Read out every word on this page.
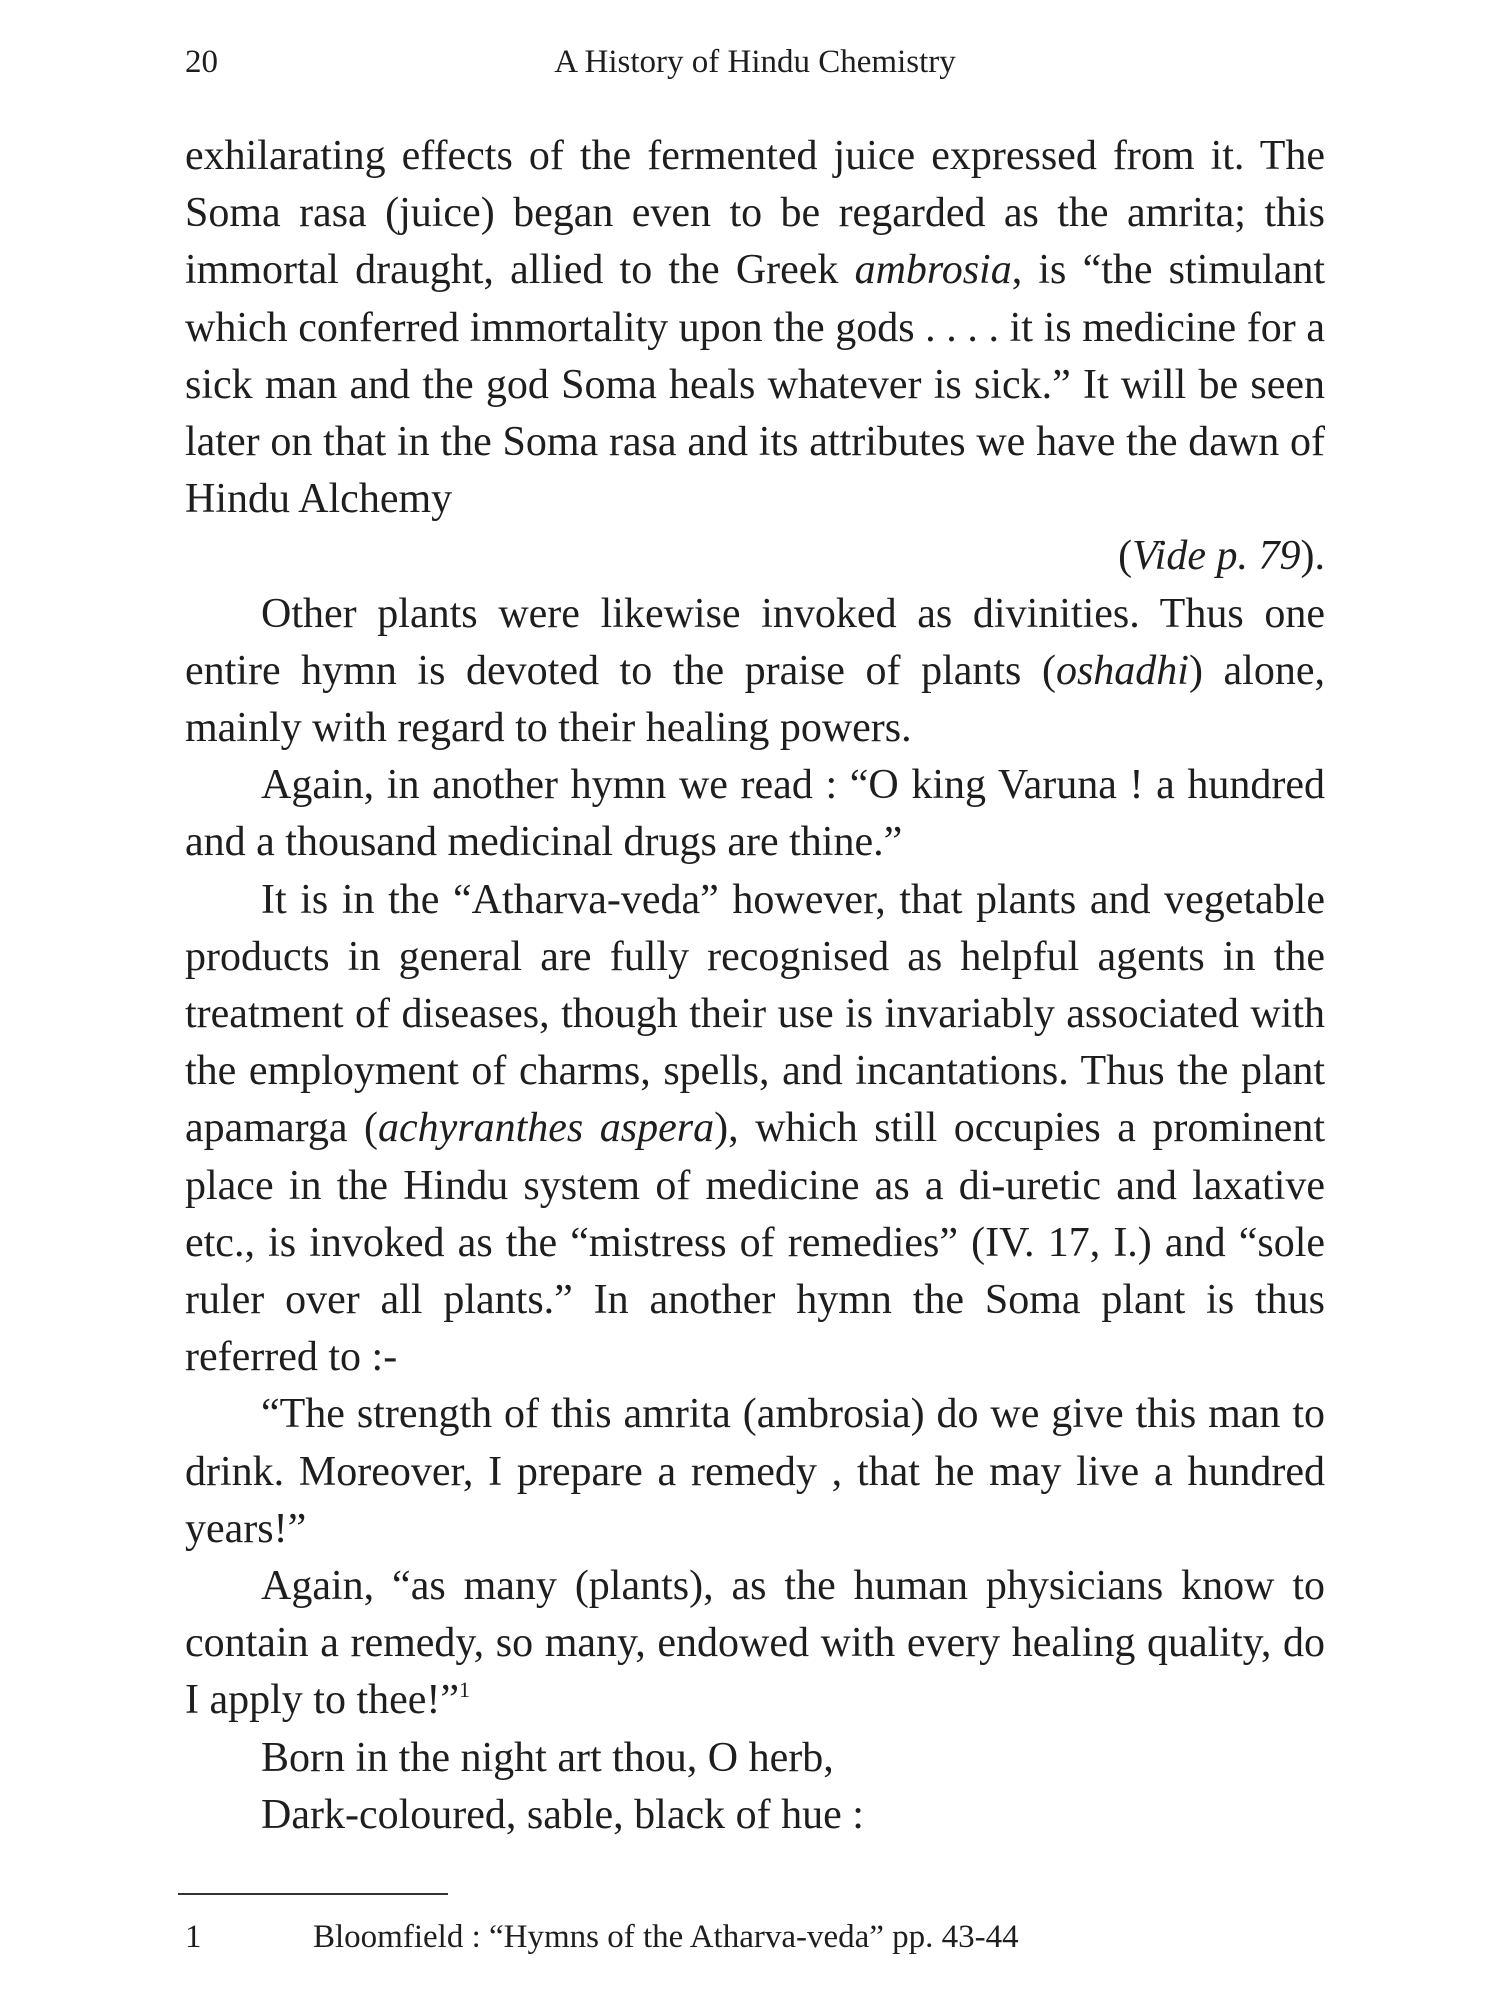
20	A History of Hindu Chemistry

exhilarating effects of the fermented juice expressed from it. The Soma rasa (juice) began even to be regarded as the amrita; this immortal draught, allied to the Greek ambrosia, is “the stimulant which conferred immortality upon the gods . . . . it is medicine for a sick man and the god Soma heals whatever is sick.” It will be seen later on that in the Soma rasa and its attributes we have the dawn of Hindu Alchemy

(Vide p. 79).

Other plants were likewise invoked as divinities. Thus one entire hymn is devoted to the praise of plants (oshadhi) alone, mainly with regard to their healing powers.

Again, in another hymn we read : “O king Varuna ! a hundred and a thousand medicinal drugs are thine.”

It is in the “Atharva-veda” however, that plants and vegetable products in general are fully recognised as helpful agents in the treatment of diseases, though their use is invariably associated with the employment of charms, spells, and incantations. Thus the plant apamarga (achyranthes aspera), which still occupies a prominent place in the Hindu system of medicine as a di-uretic and laxative etc., is invoked as the “mistress of remedies” (IV. 17, I.) and “sole ruler over all plants.” In another hymn the Soma plant is thus referred to :-

“The strength of this amrita (ambrosia) do we give this man to drink. Moreover, I prepare a remedy , that he may live a hundred years!”

Again, “as many (plants), as the human physicians know to contain a remedy, so many, endowed with every healing quality, do I apply to thee!”$^1$

Born in the night art thou, O herb,

Dark-coloured, sable, black of hue :

1	Bloomfield : “Hymns of the Atharva-veda” pp. 43-44
